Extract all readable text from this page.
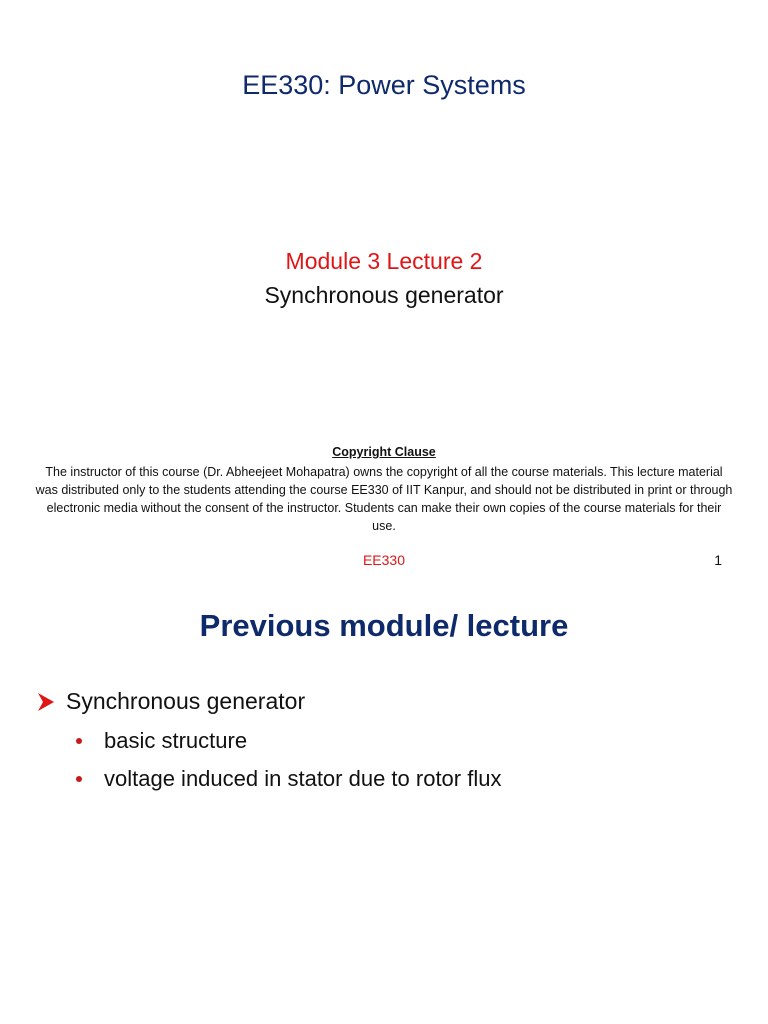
EE330: Power Systems
Module 3 Lecture 2
Synchronous generator
Copyright Clause
The instructor of this course (Dr. Abheejeet Mohapatra) owns the copyright of all the course materials. This lecture material was distributed only to the students attending the course EE330 of IIT Kanpur, and should not be distributed in print or through electronic media without the consent of the instructor. Students can make their own copies of the course materials for their use.
EE330	1
Previous module/ lecture
Synchronous generator
basic structure
voltage induced in stator due to rotor flux
